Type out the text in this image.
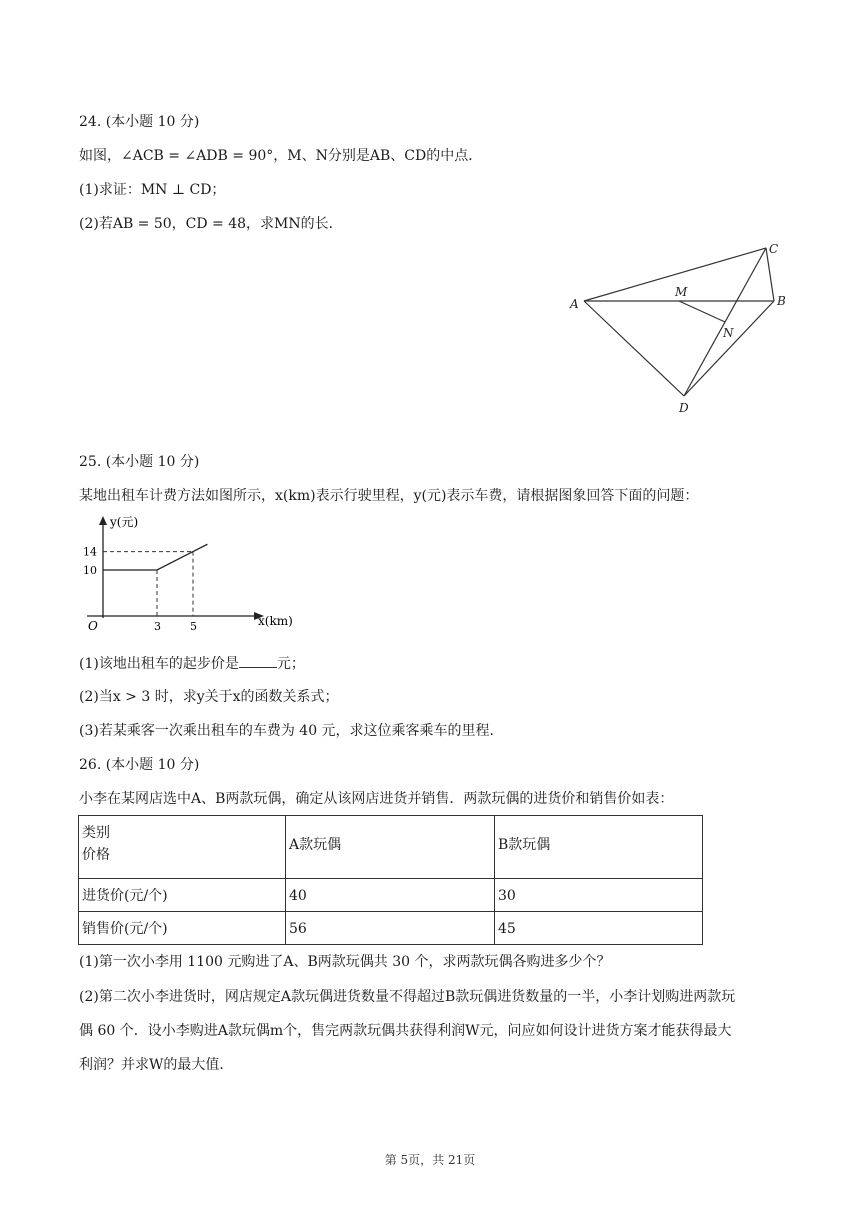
24. (本小题 10 分)
如图，∠ACB = ∠ADB = 90°，M、N分别是AB、CD的中点．
(1)求证：MN ⊥ CD；
(2)若AB = 50，CD = 48，求MN的长．
A	B
C
D
M
N
25. (本小题 10 分)
某地出租车计费方法如图所示，x(km)表示行驶里程，y(元)表示车费，请根据图象回答下面的问题：
y(元)
x(km)
O	3	5
10
14
(1)该地出租车的起步价是	元；
(2)当x > 3 时，求y关于x的函数关系式；
(3)若某乘客一次乘出租车的车费为 40 元，求这位乘客乘车的里程．
26. (本小题 10 分)
小李在某网店选中A、B两款玩偶，确定从该网店进货并销售．两款玩偶的进货价和销售价如表：
类别
价格	A款玩偶	B款玩偶
进货价(元/个)	40	30
销售价(元/个)	56	45
(1)第一次小李用 1100 元购进了A、B两款玩偶共 30 个，求两款玩偶各购进多少个？
(2)第二次小李进货时，网店规定A款玩偶进货数量不得超过B款玩偶进货数量的一半，小李计划购进两款玩
偶 60 个．设小李购进A款玩偶m个，售完两款玩偶共获得利润W元，问应如何设计进货方案才能获得最大
利润？并求W的最大值．
第 5页，共 21页
